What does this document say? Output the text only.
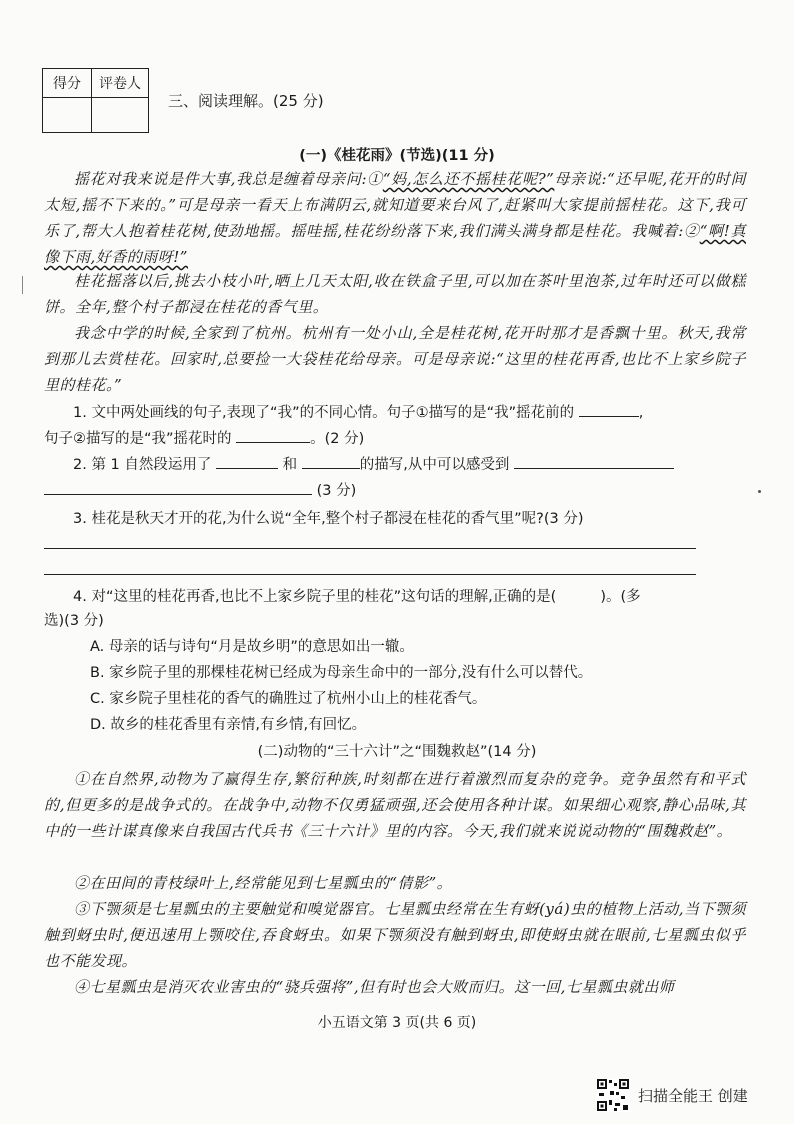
得分	评卷人

三、阅读理解。(25 分)
(一)《桂花雨》(节选)(11 分)
摇花对我来说是件大事,我总是缠着母亲问:①“妈,怎么还不摇桂花呢?”母亲说:“还早呢,花开的时间太短,摇不下来的。”可是母亲一看天上布满阴云,就知道要来台风了,赶紧叫大家提前摇桂花。这下,我可乐了,帮大人抱着桂花树,使劲地摇。摇哇摇,桂花纷纷落下来,我们满头满身都是桂花。我喊着:②“啊!真像下雨,好香的雨呀!”
桂花摇落以后,挑去小枝小叶,晒上几天太阳,收在铁盒子里,可以加在茶叶里泡茶,过年时还可以做糕饼。全年,整个村子都浸在桂花的香气里。
我念中学的时候,全家到了杭州。杭州有一处小山,全是桂花树,花开时那才是香飘十里。秋天,我常到那儿去赏桂花。回家时,总要捡一大袋桂花给母亲。可是母亲说:“这里的桂花再香,也比不上家乡院子里的桂花。”
1. 文中两处画线的句子,表现了“我”的不同心情。句子①描写的是“我”摇花前的	,
句子②描写的是“我”摇花时的	。(2 分)
2. 第 1 自然段运用了	和	的描写,从中可以感受到
(3 分)
3. 桂花是秋天才开的花,为什么说“全年,整个村子都浸在桂花的香气里”呢?(3 分)
4. 对“这里的桂花再香,也比不上家乡院子里的桂花”这句话的理解,正确的是(	)。(多
选)(3 分)
A. 母亲的话与诗句“月是故乡明”的意思如出一辙。
B. 家乡院子里的那棵桂花树已经成为母亲生命中的一部分,没有什么可以替代。
C. 家乡院子里桂花的香气的确胜过了杭州小山上的桂花香气。
D. 故乡的桂花香里有亲情,有乡情,有回忆。
(二)动物的“三十六计”之“围魏救赵”(14 分)
①在自然界,动物为了赢得生存,繁衍种族,时刻都在进行着激烈而复杂的竞争。竞争虽然有和平式的,但更多的是战争式的。在战争中,动物不仅勇猛顽强,还会使用各种计谋。如果细心观察,静心品味,其中的一些计谋真像来自我国古代兵书《三十六计》里的内容。今天,我们就来说说动物的“围魏救赵”。
②在田间的青枝绿叶上,经常能见到七星瓢虫的“倩影”。
③下颚须是七星瓢虫的主要触觉和嗅觉器官。七星瓢虫经常在生有蚜(yá)虫的植物上活动,当下颚须触到蚜虫时,便迅速用上颚咬住,吞食蚜虫。如果下颚须没有触到蚜虫,即使蚜虫就在眼前,七星瓢虫似乎也不能发现。
④七星瓢虫是消灭农业害虫的“骁兵强将”,但有时也会大败而归。这一回,七星瓢虫就出师
小五语文第 3 页(共 6 页)
扫描全能王 创建
